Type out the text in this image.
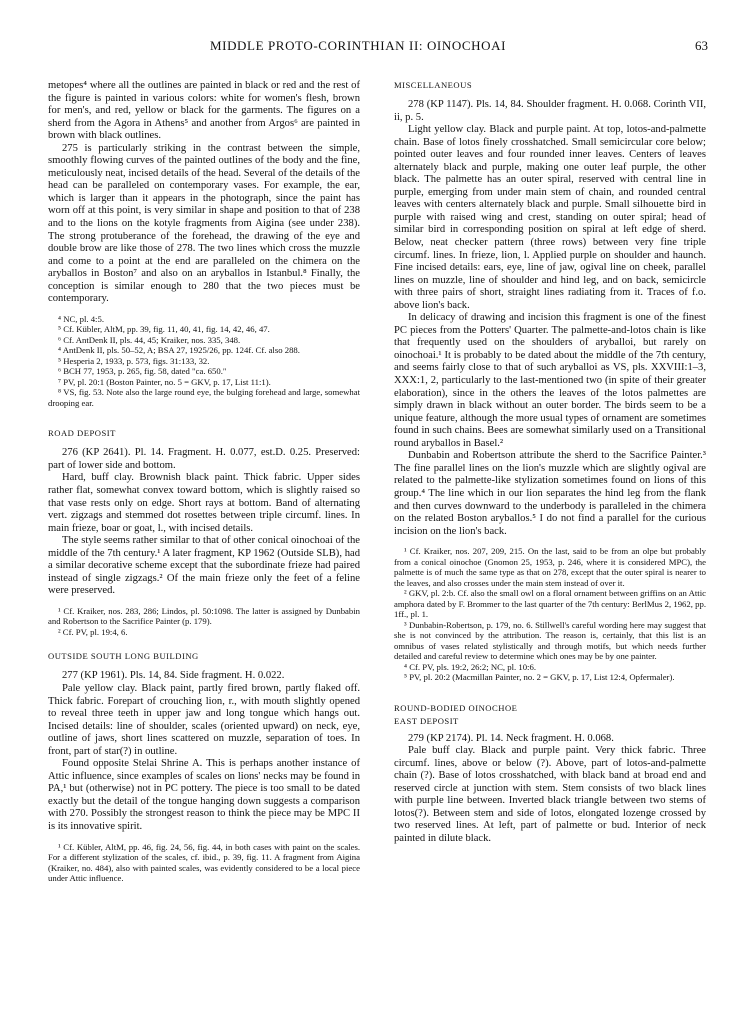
MIDDLE PROTO-CORINTHIAN II: OINOCHOAI	63

metopes⁴ where all the outlines are painted in black or red and the rest of the figure is painted in various colors: white for women's flesh, brown for men's, and red, yellow or black for the garments. The figures on a sherd from the Agora in Athens⁵ and another from Argos⁶ are painted in brown with black outlines.

275 is particularly striking in the contrast between the simple, smoothly flowing curves of the painted outlines of the body and the fine, meticulously neat, incised details of the head. Several of the details of the head can be paralleled on contemporary vases. For example, the ear, which is larger than it appears in the photograph, since the paint has worn off at this point, is very similar in shape and position to that of 238 and to the lions on the kotyle fragments from Aigina (see under 238). The strong protuberance of the forehead, the drawing of the eye and double brow are like those of 278. The two lines which cross the muzzle and come to a point at the end are paralleled on the chimera on the aryballos in Boston⁷ and also on an aryballos in Istanbul.⁸ Finally, the conception is similar enough to 280 that the two pieces must be contemporary.

⁴ NC, pl. 4:5.

⁵ Cf. Kübler, AltM, pp. 39, fig. 11, 40, 41, fig. 14, 42, 46, 47.

⁶ Cf. AntDenk II, pls. 44, 45; Kraiker, nos. 335, 348.

⁴ AntDenk II, pls. 50–52, A; BSA 27, 1925/26, pp. 124f. Cf. also 288.

⁵ Hesperia 2, 1933, p. 573, figs. 31:133, 32.

⁶ BCH 77, 1953, p. 265, fig. 58, dated "ca. 650."

⁷ PV, pl. 20:1 (Boston Painter, no. 5 = GKV, p. 17, List 11:1).

⁸ VS, fig. 53. Note also the large round eye, the bulging forehead and large, somewhat drooping ear.

ROAD DEPOSIT

276 (KP 2641). Pl. 14. Fragment. H. 0.077, est.D. 0.25. Preserved: part of lower side and bottom.

Hard, buff clay. Brownish black paint. Thick fabric. Upper sides rather flat, somewhat convex toward bottom, which is slightly raised so that vase rests only on edge. Short rays at bottom. Band of alternating vert. zigzags and stemmed dot rosettes between triple circumf. lines. In main frieze, boar or goat, l., with incised details.

The style seems rather similar to that of other conical oinochoai of the middle of the 7th century.¹ A later fragment, KP 1962 (Outside SLB), had a similar decorative scheme except that the subordinate frieze had paired instead of single zigzags.² Of the main frieze only the feet of a feline were preserved.

¹ Cf. Kraiker, nos. 283, 286; Lindos, pl. 50:1098. The latter is assigned by Dunbabin and Robertson to the Sacrifice Painter (p. 179).

² Cf. PV, pl. 19:4, 6.

OUTSIDE SOUTH LONG BUILDING

277 (KP 1961). Pls. 14, 84. Side fragment. H. 0.022.

Pale yellow clay. Black paint, partly fired brown, partly flaked off. Thick fabric. Forepart of crouching lion, r., with mouth slightly opened to reveal three teeth in upper jaw and long tongue which hangs out. Incised details: line of shoulder, scales (oriented upward) on neck, eye, outline of jaws, short lines scattered on muzzle, separation of toes. In front, part of star(?) in outline.

Found opposite Stelai Shrine A. This is perhaps another instance of Attic influence, since examples of scales on lions' necks may be found in PA,¹ but (otherwise) not in PC pottery. The piece is too small to be dated exactly but the detail of the tongue hanging down suggests a comparison with 270. Possibly the strongest reason to think the piece may be MPC II is its innovative spirit.

¹ Cf. Kübler, AltM, pp. 46, fig. 24, 56, fig. 44, in both cases with paint on the scales. For a different stylization of the scales, cf. ibid., p. 39, fig. 11. A fragment from Aigina (Kraiker, no. 484), also with painted scales, was evidently considered to be a local piece under Attic influence.

MISCELLANEOUS

278 (KP 1147). Pls. 14, 84. Shoulder fragment. H. 0.068. Corinth VII, ii, p. 5.

Light yellow clay. Black and purple paint. At top, lotos-and-palmette chain. Base of lotos finely crosshatched. Small semicircular core below; pointed outer leaves and four rounded inner leaves. Centers of leaves alternately black and purple, making one outer leaf purple, the other black. The palmette has an outer spiral, reserved with central line in purple, emerging from under main stem of chain, and rounded central leaves with centers alternately black and purple. Small silhouette bird in purple with raised wing and crest, standing on outer spiral; head of similar bird in corresponding position on spiral at left edge of sherd. Below, neat checker pattern (three rows) between very fine triple circumf. lines. In frieze, lion, l. Applied purple on shoulder and haunch. Fine incised details: ears, eye, line of jaw, ogival line on cheek, parallel lines on muzzle, line of shoulder and hind leg, and on back, semicircle with three pairs of short, straight lines radiating from it. Traces of f.o. above lion's back.

In delicacy of drawing and incision this fragment is one of the finest PC pieces from the Potters' Quarter. The palmette-and-lotos chain is like that frequently used on the shoulders of aryballoi, but rarely on oinochoai.¹ It is probably to be dated about the middle of the 7th century, and seems fairly close to that of such aryballoi as VS, pls. XXVIII:1–3, XXX:1, 2, particularly to the last-mentioned two (in spite of their greater elaboration), since in the others the leaves of the lotos palmettes are simply drawn in black without an outer border. The birds seem to be a unique feature, although the more usual types of ornament are sometimes found in such chains. Bees are somewhat similarly used on a Transitional round aryballos in Basel.²

Dunbabin and Robertson attribute the sherd to the Sacrifice Painter.³ The fine parallel lines on the lion's muzzle which are slightly ogival are related to the palmette-like stylization sometimes found on lions of this group.⁴ The line which in our lion separates the hind leg from the flank and then curves downward to the underbody is paralleled in the chimera on the related Boston aryballos.⁵ I do not find a parallel for the curious incision on the lion's back.

¹ Cf. Kraiker, nos. 207, 209, 215. On the last, said to be from an olpe but probably from a conical oinochoe (Gnomon 25, 1953, p. 246, where it is considered MPC), the palmette is of much the same type as that on 278, except that the outer spiral is nearer to the leaves, and also crosses under the main stem instead of over it.

² GKV, pl. 2:b. Cf. also the small owl on a floral ornament between griffins on an Attic amphora dated by F. Brommer to the last quarter of the 7th century: BerlMus 2, 1962, pp. 1ff., pl. 1.

³ Dunbabin-Robertson, p. 179, no. 6. Stillwell's careful wording here may suggest that she is not convinced by the attribution. The reason is, certainly, that this list is an omnibus of vases related stylistically and through motifs, but which needs further detailed and careful review to determine which ones may be by one painter.

⁴ Cf. PV, pls. 19:2, 26:2; NC, pl. 10:6.

⁵ PV, pl. 20:2 (Macmillan Painter, no. 2 = GKV, p. 17, List 12:4, Opfermaler).

ROUND-BODIED OINOCHOE
EAST DEPOSIT

279 (KP 2174). Pl. 14. Neck fragment. H. 0.068.

Pale buff clay. Black and purple paint. Very thick fabric. Three circumf. lines, above or below (?). Above, part of lotos-and-palmette chain (?). Base of lotos crosshatched, with black band at broad end and reserved circle at junction with stem. Stem consists of two black lines with purple line between. Inverted black triangle between two stems of lotos(?). Between stem and side of lotos, elongated lozenge crossed by two reserved lines. At left, part of palmette or bud. Interior of neck painted in dilute black.
